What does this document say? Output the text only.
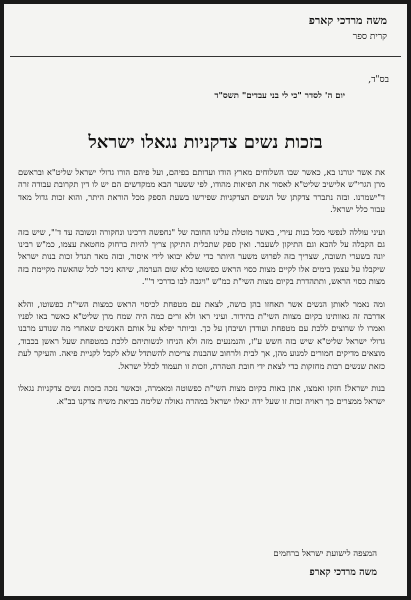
משה מרדכי קארפ
קרית ספר
בס"ד,
יום ה' לסדר "כי לי בני עבדים" תשס"ד
בזכות נשים צדקניות נגאלו ישראל

את אשר יגורנו בא, כאשר שבו השלוחים מארץ הודו ועדותם בפיהם, ועל פיהם הורו גדולי ישראל שליט"א ובראשם מרן הגרי"ש אלישיב שליט"א לאסור את הפיאות מהודו, לפי ששער הבא ממקדשים הם יש לו דין תקרובת עבודה זרה ד"ישמרנו. ובזה נתברר צדקתן של הנשים הצדקניות שפירשו בשעת הספק מכל הוראת היתר, והוא זכות גדול מאד עבור כלל ישראל.

ועיני עוללה לנפשי מכל בנות עירי, באשר מוטלת עלינו החובה של "נחפשה דרכינו ונחקורה ונשובה עד ד'", שיש בזה גם הקבלה על להבא וגם התיקון לשעבר. ואין ספק שתכלית התיקון צריך להיות ברחוק מחטאת עצמו, כמ"ש רבינו יונה בשערי תשובה, שצריך בזה לפרוש משער היותר כדי שלא יבואו לידי איסור, ובזה מאד תגדל זכות בנות ישראל שיקבלו על עצמן בימים אלו לקיים מצות כסוי הראש כפשוטו בלא שום הערמה, שיהא ניכר לכל שהאשה מקיימת בזה מצות כסוי הראש, ותתהדרת בקיום מצות השי"ת כמ"ש "ויגבה לבו בדרכי ד'".

ומה נאמר לאותן הנשים אשר תאחזו בהן בושה, לצאת עם מטפחת לכיסוי הראש כמצות השי"ת כפשוטו, והלא אדרבה זה גאוותינו בקיום מצוות השי"ת בהידור. ועיני ראו ולא זרים כמה היה שמח מרן שליט"א כאשר באו לפניו ואמרו לו שרוצים ללכת עם מטפחת ועודדן ושיבחן על כך. וביותר יפלא על אותם האנשים שאחרי מה שנודע מרבנו גדולי ישראל שליט"א שיש בזה חשש ע"ז, והנמנעים מזה ולא הניחו לנשותיהם ללכת במטפחת שעל ראשן בכבוד, מוצאים מדיקים חמורים למנוע מהן, אך לבית ולרחוב שהבנות צריכות להשתדל שלא לקבל לקניית פיאה. והעיקר לעת כזאת שנשים רבות מחזקות כדי לצאת ידי חובת הטהרה, וזכות זו תעמוד לכלל ישראל.

בנות ישראל! חזקו ואמצו, אתן באות בקיום מצות השי"ת כפשוטה ומאמרה, וכאשר נזכה בזכות נשים צדקניות נגאלו ישראל ממצרים כך ראויה זכות זו שעל ידה יגאלו ישראל במהרה גאולה שלימה בביאת משיח צדקנו בב"א.

המצפה לישועת ישראל ברחמים
משה מרדכי קארפ
